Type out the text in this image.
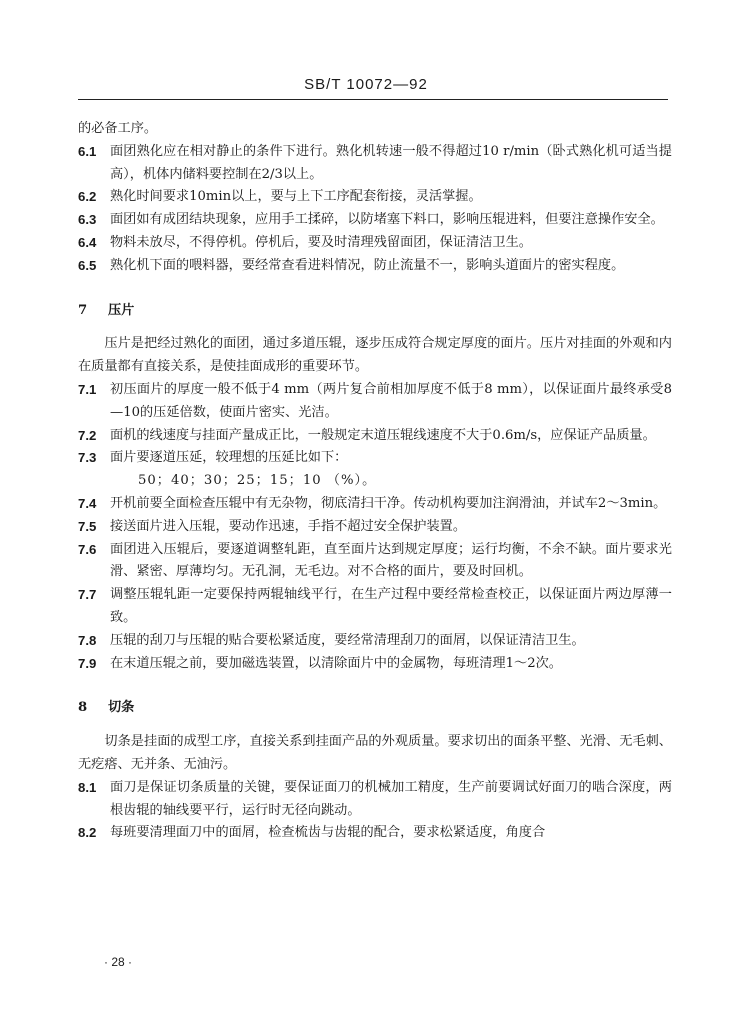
SB/T 10072—92

的必备工序。

6.1	面团熟化应在相对静止的条件下进行。熟化机转速一般不得超过10 r/min（卧式熟化机可适当提高），机体内储料要控制在2/3以上。
6.2	熟化时间要求10min以上，要与上下工序配套衔接，灵活掌握。
6.3	面团如有成团结块现象，应用手工揉碎，以防堵塞下料口，影响压辊进料，但要注意操作安全。
6.4	物料未放尽，不得停机。停机后，要及时清理残留面团，保证清洁卫生。
6.5	熟化机下面的喂料器，要经常查看进料情况，防止流量不一，影响头道面片的密实程度。
7 压片

压片是把经过熟化的面团，通过多道压辊，逐步压成符合规定厚度的面片。压片对挂面的外观和内在质量都有直接关系，是使挂面成形的重要环节。

7.1	初压面片的厚度一般不低于4 mm（两片复合前相加厚度不低于8 mm），以保证面片最终承受8—10的压延倍数，使面片密实、光洁。
7.2	面机的线速度与挂面产量成正比，一般规定末道压辊线速度不大于0.6m/s，应保证产品质量。
7.3	面片要逐道压延，较理想的压延比如下：
50；40；30；25；15；10 （%）。
7.4	开机前要全面检查压辊中有无杂物，彻底清扫干净。传动机构要加注润滑油，并试车2～3min。
7.5	接送面片进入压辊，要动作迅速，手指不超过安全保护装置。
7.6	面团进入压辊后，要逐道调整轧距，直至面片达到规定厚度；运行均衡，不余不缺。面片要求光滑、紧密、厚薄均匀。无孔洞，无毛边。对不合格的面片，要及时回机。
7.7	调整压辊轧距一定要保持两辊轴线平行，在生产过程中要经常检查校正，以保证面片两边厚薄一致。
7.8	压辊的刮刀与压辊的贴合要松紧适度，要经常清理刮刀的面屑，以保证清洁卫生。
7.9	在末道压辊之前，要加磁选装置，以清除面片中的金属物，每班清理1～2次。
8 切条

切条是挂面的成型工序，直接关系到挂面产品的外观质量。要求切出的面条平整、光滑、无毛刺、无疙瘩、无并条、无油污。

8.1	面刀是保证切条质量的关键，要保证面刀的机械加工精度，生产前要调试好面刀的啮合深度，两根齿辊的轴线要平行，运行时无径向跳动。
8.2	每班要清理面刀中的面屑，检查梳齿与齿辊的配合，要求松紧适度，角度合
· 28 ·
